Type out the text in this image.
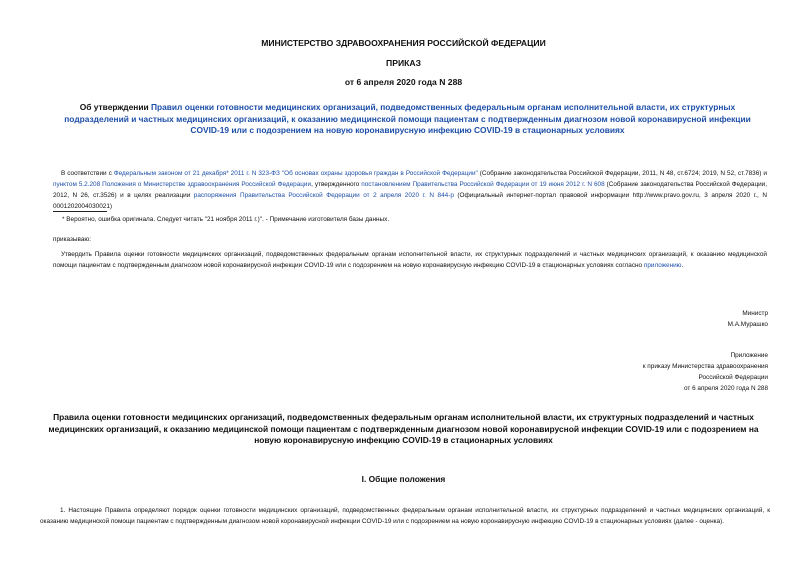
МИНИСТЕРСТВО ЗДРАВООХРАНЕНИЯ РОССИЙСКОЙ ФЕДЕРАЦИИ
ПРИКАЗ
от 6 апреля 2020 года N 288
Об утверждении Правил оценки готовности медицинских организаций, подведомственных федеральным органам исполнительной власти, их структурных подразделений и частных медицинских организаций, к оказанию медицинской помощи пациентам с подтвержденным диагнозом новой коронавирусной инфекции COVID-19 или с подозрением на новую коронавирусную инфекцию COVID-19 в стационарных условиях
В соответствии с Федеральным законом от 21 декабря* 2011 г. N 323-ФЗ "Об основах охраны здоровья граждан в Российской Федерации" (Собрание законодательства Российской Федерации, 2011, N 48, ст.6724; 2019, N 52, ст.7836) и пунктом 5.2.208 Положения о Министерстве здравоохранения Российской Федерации, утвержденного постановлением Правительства Российской Федерации от 19 июня 2012 г. N 608 (Собрание законодательства Российской Федерации, 2012, N 26, ст.3526) и в целях реализации распоряжения Правительства Российской Федерации от 2 апреля 2020 г. N 844-р (Официальный интернет-портал правовой информации http://www.pravo.gov.ru, 3 апреля 2020 г., N 0001202004030021)
* Вероятно, ошибка оригинала. Следует читать "21 ноября 2011 г.)". - Примечание изготовителя базы данных.
приказываю:
Утвердить Правила оценки готовности медицинских организаций, подведомственных федеральным органам исполнительной власти, их структурных подразделений и частных медицинских организаций, к оказанию медицинской помощи пациентам с подтвержденным диагнозом новой коронавирусной инфекции COVID-19 или с подозрением на новую коронавирусную инфекцию COVID-19 в стационарных условиях согласно приложению.
Министр
М.А.Мурашко
Приложение
к приказу Министерства здравоохранения
Российской Федерации
от 6 апреля 2020 года N 288
Правила оценки готовности медицинских организаций, подведомственных федеральным органам исполнительной власти, их структурных подразделений и частных медицинских организаций, к оказанию медицинской помощи пациентам с подтвержденным диагнозом новой коронавирусной инфекции COVID-19 или с подозрением на новую коронавирусную инфекцию COVID-19 в стационарных условиях
I. Общие положения
1. Настоящие Правила определяют порядок оценки готовности медицинских организаций, подведомственных федеральным органам исполнительной власти, их структурных подразделений и частных медицинских организаций, к оказанию медицинской помощи пациентам с подтвержденным диагнозом новой коронавирусной инфекции COVID-19 или с подозрением на новую коронавирусную инфекцию COVID-19 в стационарных условиях (далее - оценка).
